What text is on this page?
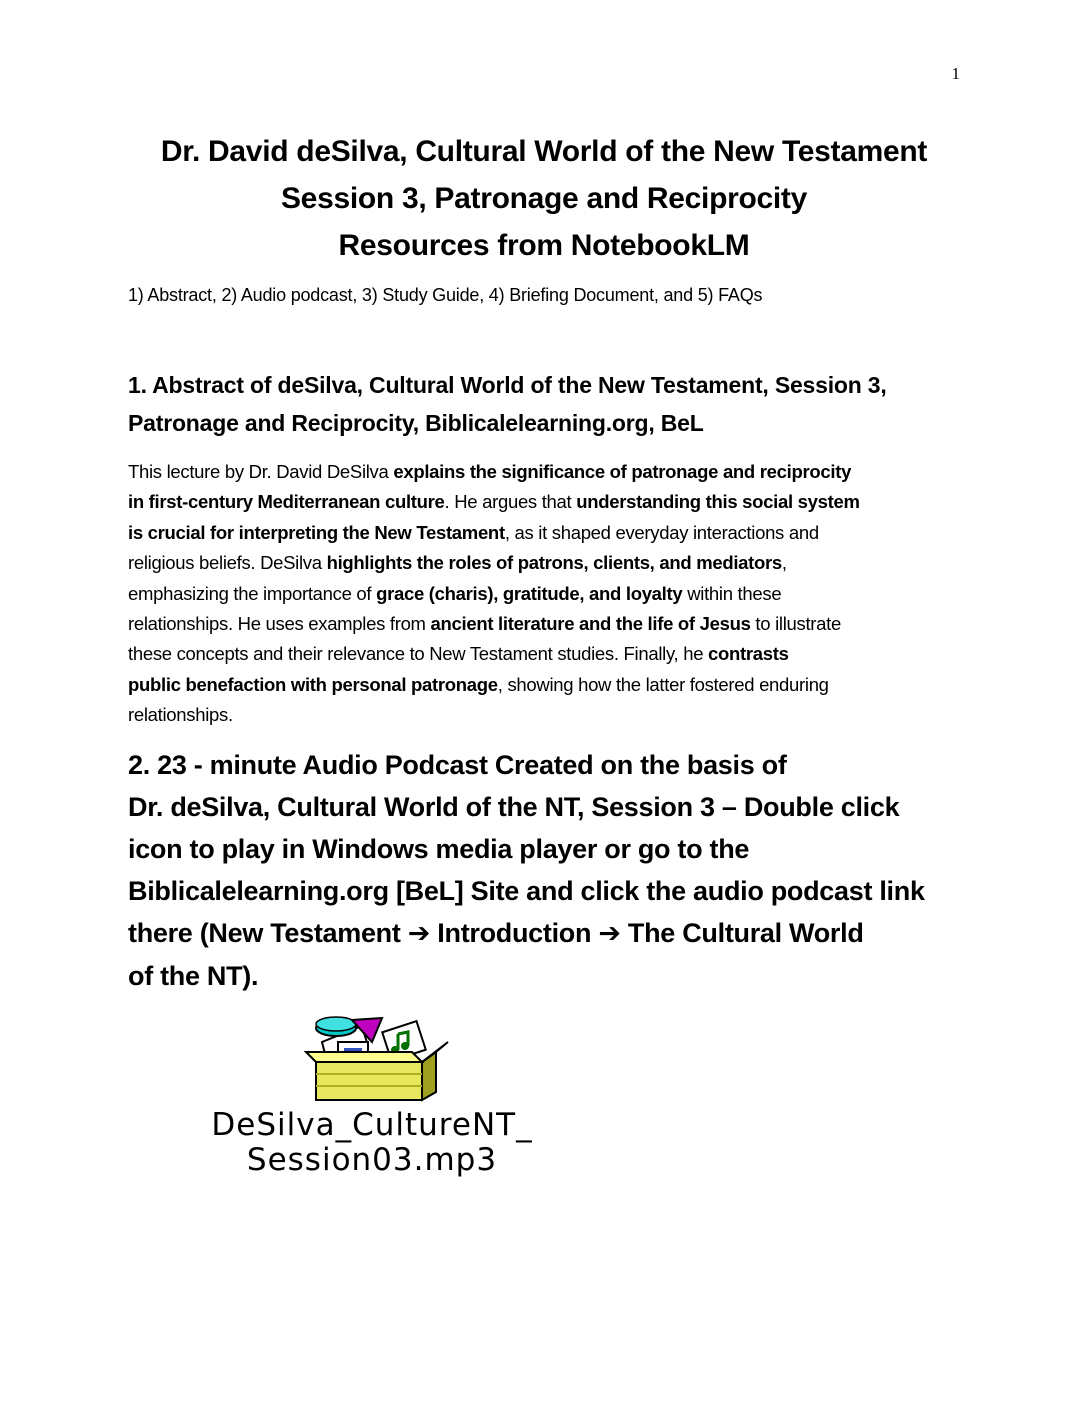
1
Dr. David deSilva, Cultural World of the New Testament
Session 3, Patronage and Reciprocity
Resources from NotebookLM
1) Abstract, 2) Audio podcast, 3) Study Guide, 4) Briefing Document, and 5) FAQs
1. Abstract of deSilva, Cultural World of the New Testament, Session 3,
Patronage and Reciprocity, Biblicalelearning.org, BeL
This lecture by Dr. David DeSilva explains the significance of patronage and reciprocity
in first-century Mediterranean culture. He argues that understanding this social system
is crucial for interpreting the New Testament, as it shaped everyday interactions and
religious beliefs. DeSilva highlights the roles of patrons, clients, and mediators,
emphasizing the importance of grace (charis), gratitude, and loyalty within these
relationships. He uses examples from ancient literature and the life of Jesus to illustrate
these concepts and their relevance to New Testament studies. Finally, he contrasts
public benefaction with personal patronage, showing how the latter fostered enduring
relationships.
2. 23 - minute Audio Podcast Created on the basis of
Dr. deSilva, Cultural World of the NT, Session 3 – Double click
icon to play in Windows media player or go to the
Biblicalelearning.org [BeL] Site and click the audio podcast link
there (New Testament ➔ Introduction ➔ The Cultural World
of the NT).
DeSilva_CultureNT_
Session03.mp3
